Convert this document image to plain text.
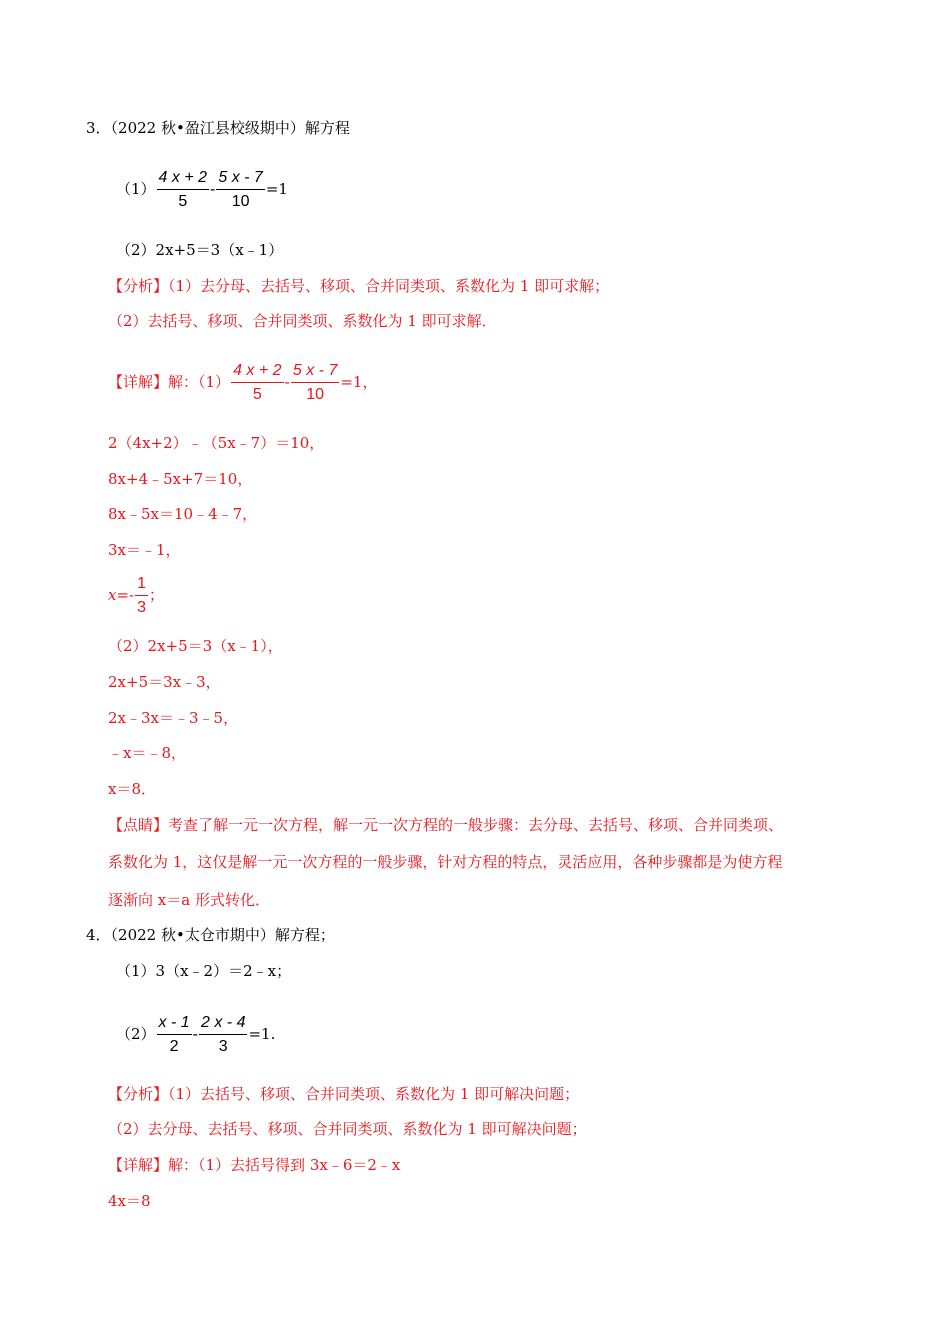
3．（2022 秋•盈江县校级期中）解方程
$(1) \frac{4 x + 2}{5} - \frac{5 x - 7}{10} =1$
（2）2x+5＝3（x﹣1）
【分析】（1）去分母、去括号、移项、合并同类项、系数化为 1 即可求解；
（2）去括号、移项、合并同类项、系数化为 1 即可求解．
【详解】解：$(1) \frac{4 x + 2}{5} - \frac{5 x - 7}{10} =1$，
2（4x+2）﹣（5x﹣7）＝10，
8x+4﹣5x+7＝10，
8x﹣5x＝10﹣4﹣7，
3x＝﹣1，
$x=- \frac{1}{3}$ ；
（2）2x+5＝3（x﹣1），
2x+5＝3x﹣3，
2x﹣3x＝﹣3﹣5，
﹣x＝﹣8，
x＝8．
【点睛】考查了解一元一次方程，解一元一次方程的一般步骤：去分母、去括号、移项、合并同类项、
系数化为 1，这仅是解一元一次方程的一般步骤，针对方程的特点，灵活应用，各种步骤都是为使方程
逐渐向 x＝a 形式转化．
4．（2022 秋•太仓市期中）解方程；
（1）3（x﹣2）＝2﹣x；
$(2) \frac{x - 1}{2} - \frac{2 x - 4}{3} =1$.
【分析】（1）去括号、移项、合并同类项、系数化为 1 即可解决问题；
（2）去分母、去括号、移项、合并同类项、系数化为 1 即可解决问题；
【详解】解：（1）去括号得到 3x﹣6＝2﹣x
4x＝8
